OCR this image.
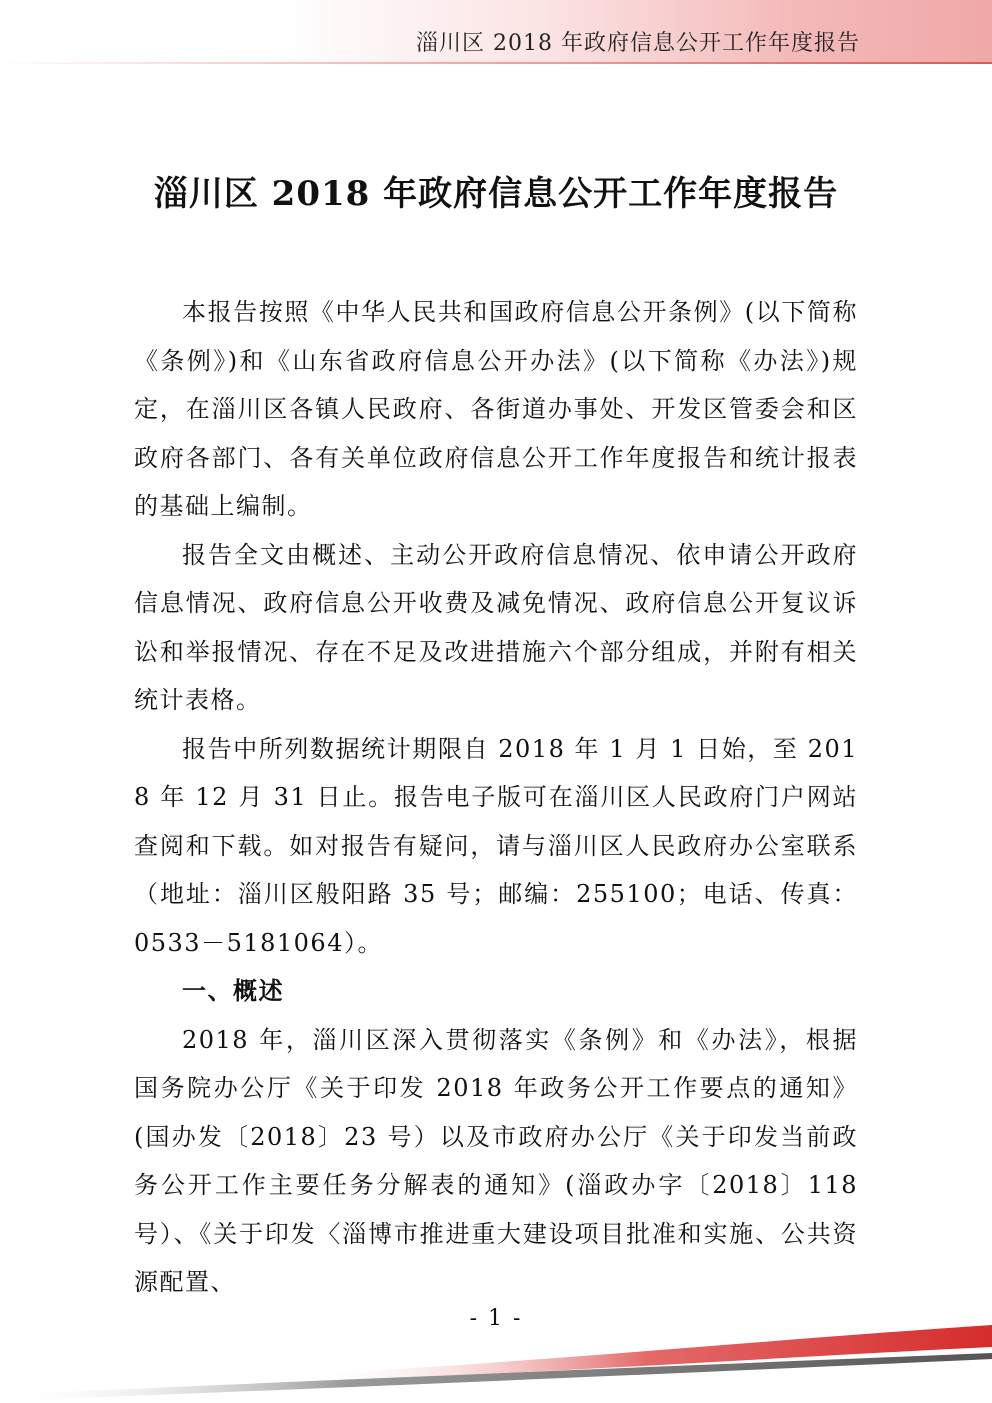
淄川区 2018 年政府信息公开工作年度报告
淄川区 2018 年政府信息公开工作年度报告

本报告按照《中华人民共和国政府信息公开条例》(以下简称《条例》)和《山东省政府信息公开办法》(以下简称《办法》)规定，在淄川区各镇人民政府、各街道办事处、开发区管委会和区政府各部门、各有关单位政府信息公开工作年度报告和统计报表的基础上编制。

报告全文由概述、主动公开政府信息情况、依申请公开政府信息情况、政府信息公开收费及减免情况、政府信息公开复议诉讼和举报情况、存在不足及改进措施六个部分组成，并附有相关统计表格。

报告中所列数据统计期限自 2018 年 1 月 1 日始，至 2018 年 12 月 31 日止。报告电子版可在淄川区人民政府门户网站查阅和下载。如对报告有疑问，请与淄川区人民政府办公室联系（地址：淄川区般阳路 35 号；邮编：255100；电话、传真：0533－5181064）。

一、概述

2018 年，淄川区深入贯彻落实《条例》和《办法》，根据国务院办公厅《关于印发 2018 年政务公开工作要点的通知》(国办发〔2018〕23 号）以及市政府办公厅《关于印发当前政务公开工作主要任务分解表的通知》(淄政办字〔2018〕118 号）、《关于印发〈淄博市推进重大建设项目批准和实施、公共资源配置、

- 1 -
